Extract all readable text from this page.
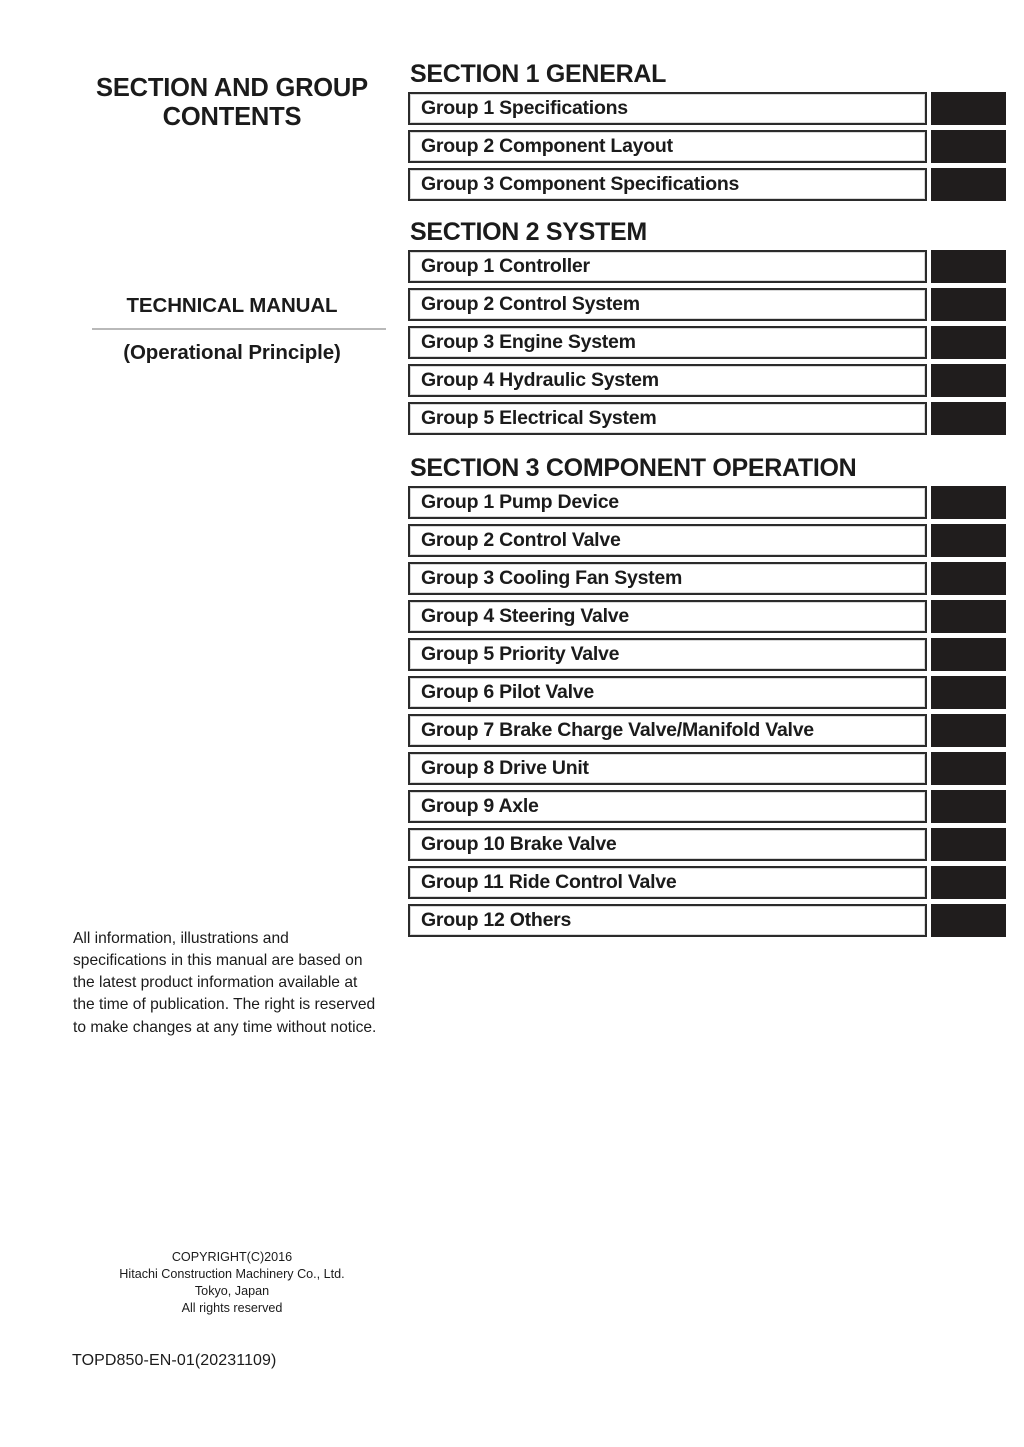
SECTION AND GROUP CONTENTS
TECHNICAL MANUAL
(Operational Principle)
All information, illustrations and specifications in this manual are based on the latest product information available at the time of publication. The right is reserved to make changes at any time without notice.
COPYRIGHT(C)2016
Hitachi Construction Machinery Co., Ltd.
Tokyo, Japan
All rights reserved
TOPD850-EN-01(20231109)
SECTION 1 GENERAL
Group 1 Specifications
Group 2 Component Layout
Group 3 Component Specifications
SECTION 2 SYSTEM
Group 1 Controller
Group 2 Control System
Group 3 Engine System
Group 4 Hydraulic System
Group 5 Electrical System
SECTION 3 COMPONENT OPERATION
Group 1 Pump Device
Group 2 Control Valve
Group 3 Cooling Fan System
Group 4 Steering Valve
Group 5 Priority Valve
Group 6 Pilot Valve
Group 7 Brake Charge Valve/Manifold Valve
Group 8 Drive Unit
Group 9 Axle
Group 10 Brake Valve
Group 11 Ride Control Valve
Group 12 Others
